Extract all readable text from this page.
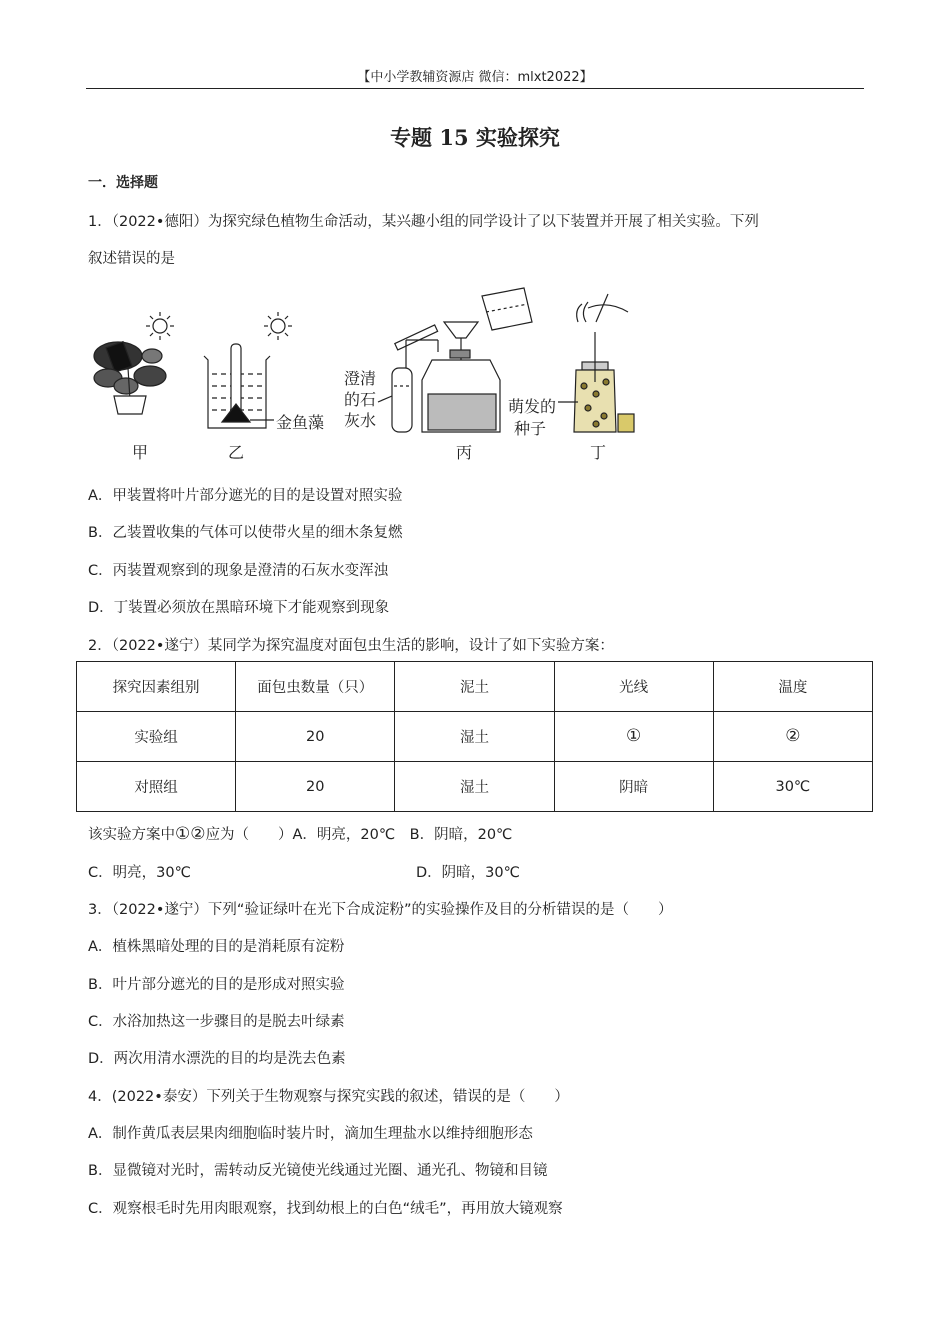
【中小学教辅资源店 微信：mlxt2022】
专题 15 实验探究
一．选择题
1．（2022•德阳）为探究绿色植物生命活动，某兴趣小组的同学设计了以下装置并开展了相关实验。下列
叙述错误的是
甲	乙	丙	丁
金鱼藻
澄清
的石
灰水
萌发的
种子
A．甲装置将叶片部分遮光的目的是设置对照实验
B．乙装置收集的气体可以使带火星的细木条复燃
C．丙装置观察到的现象是澄清的石灰水变浑浊
D．丁装置必须放在黑暗环境下才能观察到现象
2．（2022•遂宁）某同学为探究温度对面包虫生活的影响，设计了如下实验方案：
探究因素组别	面包虫数量（只）	泥土	光线	温度
实验组	20	湿土	①	②
对照组	20	湿土	阴暗	30℃
该实验方案中①②应为（　　）A．明亮，20℃　B．阴暗，20℃
C．明亮，30℃	D．阴暗，30℃
3．（2022•遂宁）下列“验证绿叶在光下合成淀粉”的实验操作及目的分析错误的是（　　）
A．植株黑暗处理的目的是消耗原有淀粉
B．叶片部分遮光的目的是形成对照实验
C．水浴加热这一步骤目的是脱去叶绿素
D．两次用清水漂洗的目的均是洗去色素
4．(2022•泰安）下列关于生物观察与探究实践的叙述，错误的是（　　）
A．制作黄瓜表层果肉细胞临时装片时，滴加生理盐水以维持细胞形态
B．显微镜对光时，需转动反光镜使光线通过光圈、通光孔、物镜和目镜
C．观察根毛时先用肉眼观察，找到幼根上的白色“绒毛”，再用放大镜观察
